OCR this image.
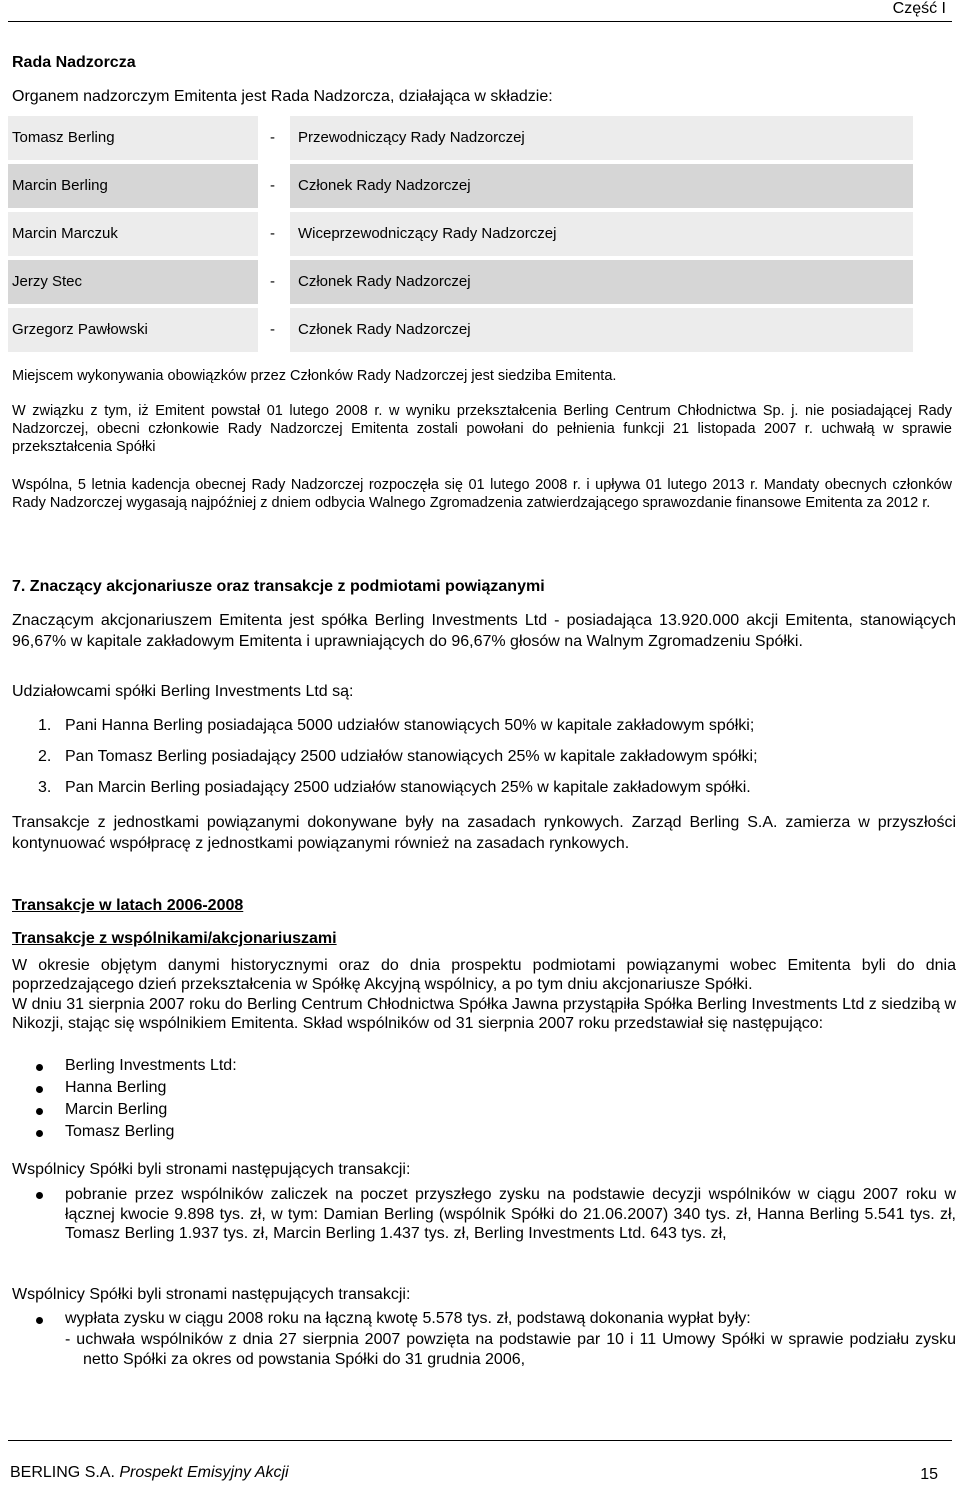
Część I
Rada Nadzorcza
Organem nadzorczym Emitenta jest Rada Nadzorcza, działająca w składzie:
Tomasz Berling	-	Przewodniczący Rady Nadzorczej
Marcin Berling	-	Członek Rady Nadzorczej
Marcin Marczuk	-	Wiceprzewodniczący Rady Nadzorczej
Jerzy Stec	-	Członek Rady Nadzorczej
Grzegorz Pawłowski	-	Członek Rady Nadzorczej
Miejscem wykonywania obowiązków przez Członków Rady Nadzorczej jest siedziba Emitenta.
W związku z tym, iż Emitent powstał 01 lutego 2008 r. w wyniku przekształcenia Berling Centrum Chłodnictwa Sp. j. nie posiadającej Rady Nadzorczej, obecni członkowie Rady Nadzorczej Emitenta zostali powołani do pełnienia funkcji 21 listopada 2007 r. uchwałą w sprawie przekształcenia Spółki
Wspólna, 5 letnia kadencja obecnej Rady Nadzorczej rozpoczęła się 01 lutego 2008 r. i upływa 01 lutego 2013 r. Mandaty obecnych członków Rady Nadzorczej wygasają najpóźniej z dniem odbycia Walnego Zgromadzenia zatwierdzającego sprawozdanie finansowe Emitenta za 2012 r.
7. Znaczący akcjonariusze oraz transakcje z podmiotami powiązanymi
Znaczącym akcjonariuszem Emitenta jest spółka Berling Investments Ltd - posiadająca 13.920.000 akcji Emitenta, stanowiących 96,67% w kapitale zakładowym Emitenta i uprawniających do 96,67% głosów na Walnym Zgromadzeniu Spółki.
Udziałowcami spółki Berling Investments Ltd są:
1. Pani Hanna Berling posiadająca 5000 udziałów stanowiących 50% w kapitale zakładowym spółki;
2. Pan Tomasz Berling posiadający 2500 udziałów stanowiących 25% w kapitale zakładowym spółki;
3. Pan Marcin Berling posiadający 2500 udziałów stanowiących 25% w kapitale zakładowym spółki.
Transakcje z jednostkami powiązanymi dokonywane były na zasadach rynkowych. Zarząd Berling S.A. zamierza w przyszłości kontynuować współpracę z jednostkami powiązanymi również na zasadach rynkowych.
Transakcje w latach 2006-2008
Transakcje z wspólnikami/akcjonariuszami
W okresie objętym danymi historycznymi oraz do dnia prospektu podmiotami powiązanymi wobec Emitenta byli do dnia poprzedzającego dzień przekształcenia w Spółkę Akcyjną wspólnicy, a po tym dniu akcjonariusze Spółki.
W dniu 31 sierpnia 2007 roku do Berling Centrum Chłodnictwa Spółka Jawna przystąpiła Spółka Berling Investments Ltd z siedzibą w Nikozji, stając się wspólnikiem Emitenta. Skład wspólników od 31 sierpnia 2007 roku przedstawiał się następująco:
Berling Investments Ltd:
Hanna Berling
Marcin Berling
Tomasz Berling
Wspólnicy Spółki byli stronami następujących transakcji:
pobranie przez wspólników zaliczek na poczet przyszłego zysku na podstawie decyzji wspólników w ciągu 2007 roku w łącznej kwocie 9.898 tys. zł, w tym: Damian Berling (wspólnik Spółki do 21.06.2007) 340 tys. zł, Hanna Berling 5.541 tys. zł, Tomasz Berling 1.937 tys. zł, Marcin Berling 1.437 tys. zł, Berling Investments Ltd. 643 tys. zł,
Wspólnicy Spółki byli stronami następujących transakcji:
wypłata zysku w ciągu 2008 roku na łączną kwotę 5.578 tys. zł, podstawą dokonania wypłat były:
- uchwała wspólników z dnia 27 sierpnia 2007 powzięta na podstawie par 10 i 11 Umowy Spółki w sprawie podziału zysku netto Spółki za okres od powstania Spółki do 31 grudnia 2006,
BERLING S.A. Prospekt Emisyjny Akcji	15
